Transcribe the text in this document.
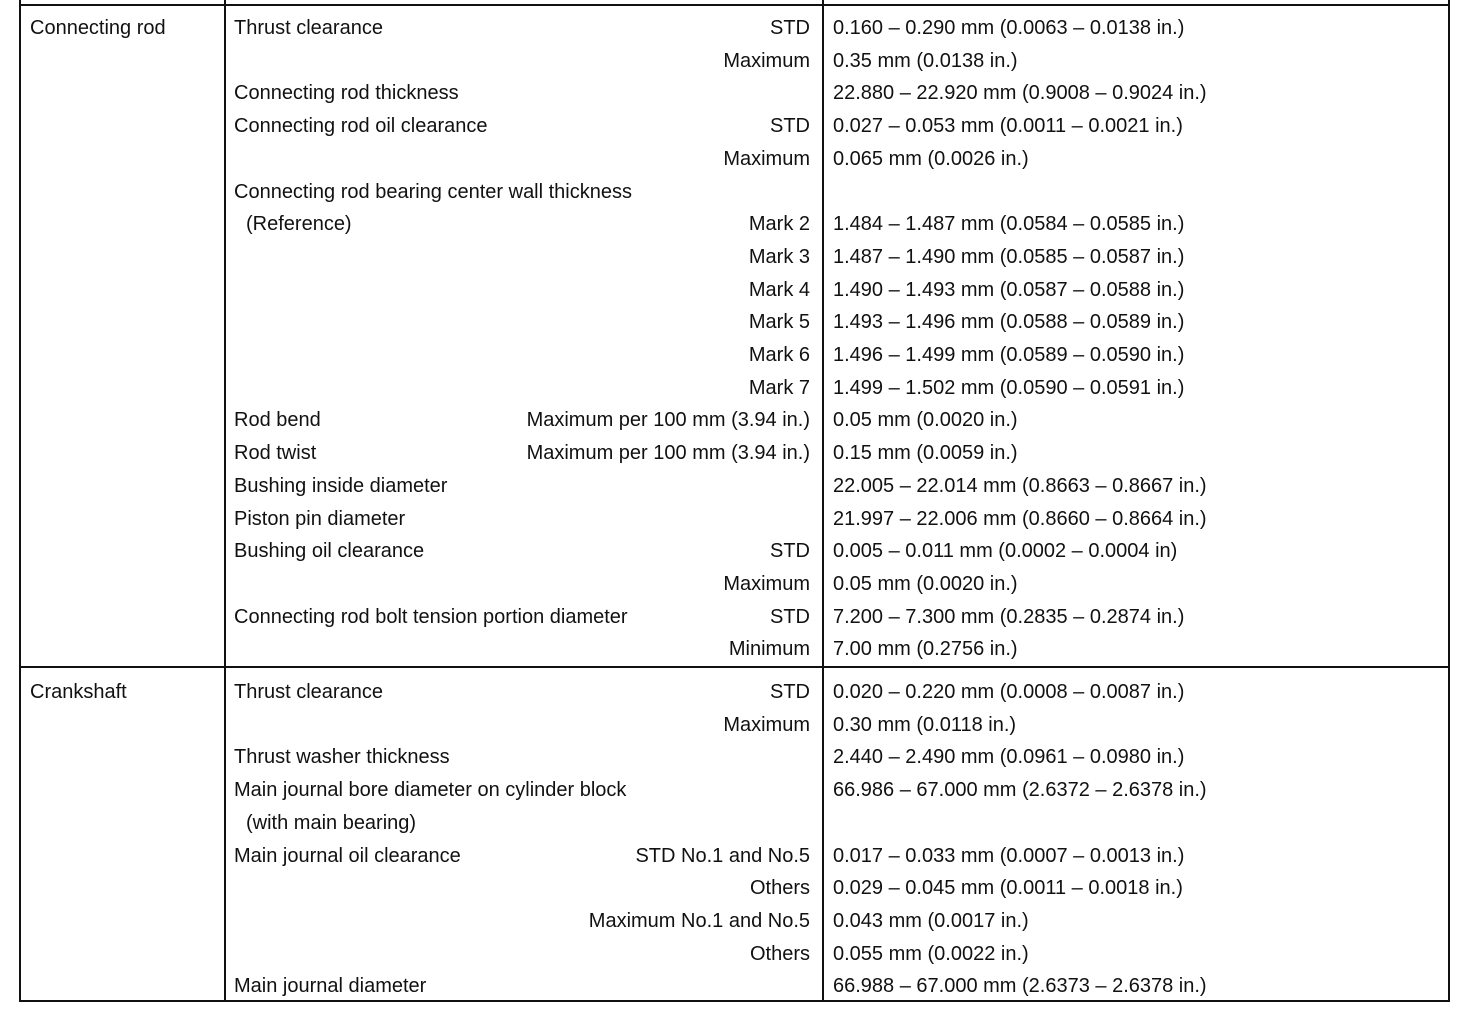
Connecting rod	Thrust clearance	STD 0.160 – 0.290 mm (0.0063 – 0.0138 in.)
Maximum 0.35 mm (0.0138 in.)
Connecting rod thickness	22.880 – 22.920 mm (0.9008 – 0.9024 in.)
Connecting rod oil clearance	STD 0.027 – 0.053 mm (0.0011 – 0.0021 in.)
Maximum 0.065 mm (0.0026 in.)
Connecting rod bearing center wall thickness
(Reference)	Mark 2 1.484 – 1.487 mm (0.0584 – 0.0585 in.)
Mark 3 1.487 – 1.490 mm (0.0585 – 0.0587 in.)
Mark 4 1.490 – 1.493 mm (0.0587 – 0.0588 in.)
Mark 5 1.493 – 1.496 mm (0.0588 – 0.0589 in.)
Mark 6 1.496 – 1.499 mm (0.0589 – 0.0590 in.)
Mark 7 1.499 – 1.502 mm (0.0590 – 0.0591 in.)
Rod bend	Maximum per 100 mm (3.94 in.) 0.05 mm (0.0020 in.)
Rod twist	Maximum per 100 mm (3.94 in.) 0.15 mm (0.0059 in.)
Bushing inside diameter	22.005 – 22.014 mm (0.8663 – 0.8667 in.)
Piston pin diameter	21.997 – 22.006 mm (0.8660 – 0.8664 in.)
Bushing oil clearance	STD 0.005 – 0.011 mm (0.0002 – 0.0004 in)
Maximum 0.05 mm (0.0020 in.)
Connecting rod bolt tension portion diameter	STD 7.200 – 7.300 mm (0.2835 – 0.2874 in.)
Minimum 7.00 mm (0.2756 in.)
Crankshaft	Thrust clearance	STD 0.020 – 0.220 mm (0.0008 – 0.0087 in.)
Maximum 0.30 mm (0.0118 in.)
Thrust washer thickness	2.440 – 2.490 mm (0.0961 – 0.0980 in.)
Main journal bore diameter on cylinder block	66.986 – 67.000 mm (2.6372 – 2.6378 in.)
(with main bearing)
Main journal oil clearance	STD No.1 and No.5 0.017 – 0.033 mm (0.0007 – 0.0013 in.)
Others 0.029 – 0.045 mm (0.0011 – 0.0018 in.)
Maximum No.1 and No.5 0.043 mm (0.0017 in.)
Others 0.055 mm (0.0022 in.)
Main journal diameter	66.988 – 67.000 mm (2.6373 – 2.6378 in.)
